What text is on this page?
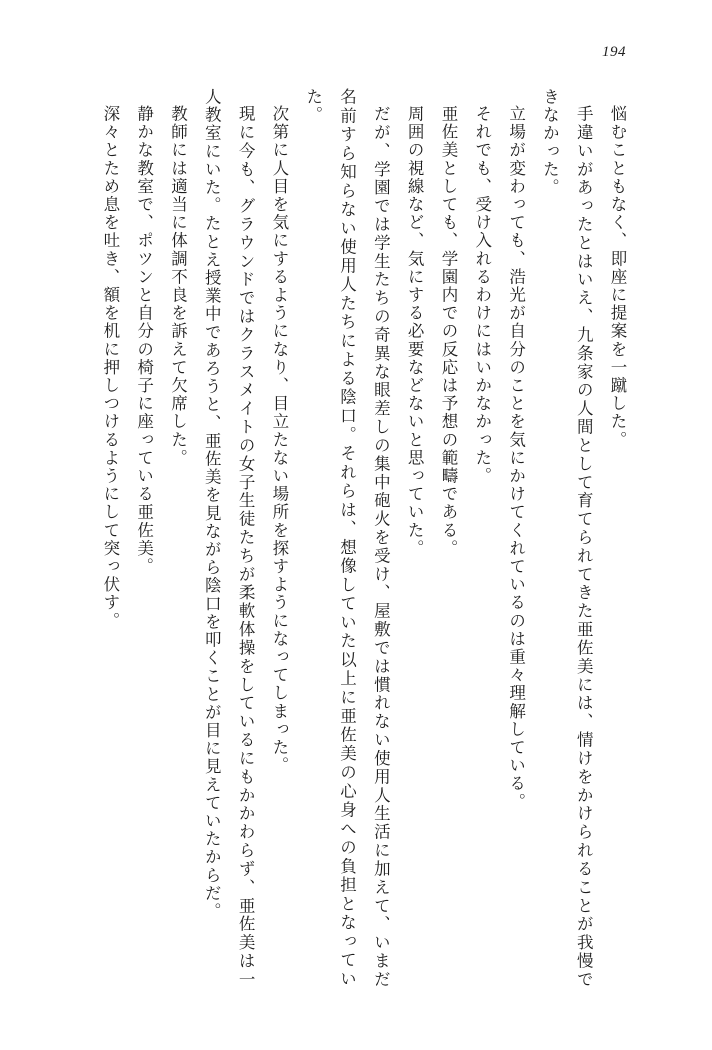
194

悩むこともなく、即座に提案を一蹴した。

手違いがあったとはいえ、九条家の人間として育てられてきた亜佐美には、情けをかけられることが我慢できなかった。

立場が変わっても、浩光が自分のことを気にかけてくれているのは重々理解している。

それでも、受け入れるわけにはいかなかった。

亜佐美としても、学園内での反応は予想の範疇である。

周囲の視線など、気にする必要などないと思っていた。

だが、学園では学生たちの奇異な眼差しの集中砲火を受け、屋敷では慣れない使用人生活に加えて、いまだ名前すら知らない使用人たちによる陰口。それらは、想像していた以上に亜佐美の心身への負担となっていた。

次第に人目を気にするようになり、目立たない場所を探すようになってしまった。

現に今も、グラウンドではクラスメイトの女子生徒たちが柔軟体操をしているにもかかわらず、亜佐美は一人教室にいた。たとえ授業中であろうと、亜佐美を見ながら陰口を叩くことが目に見えていたからだ。

教師には適当に体調不良を訴えて欠席した。

静かな教室で、ポツンと自分の椅子に座っている亜佐美。

深々とため息を吐き、額を机に押しつけるようにして突っ伏す。
